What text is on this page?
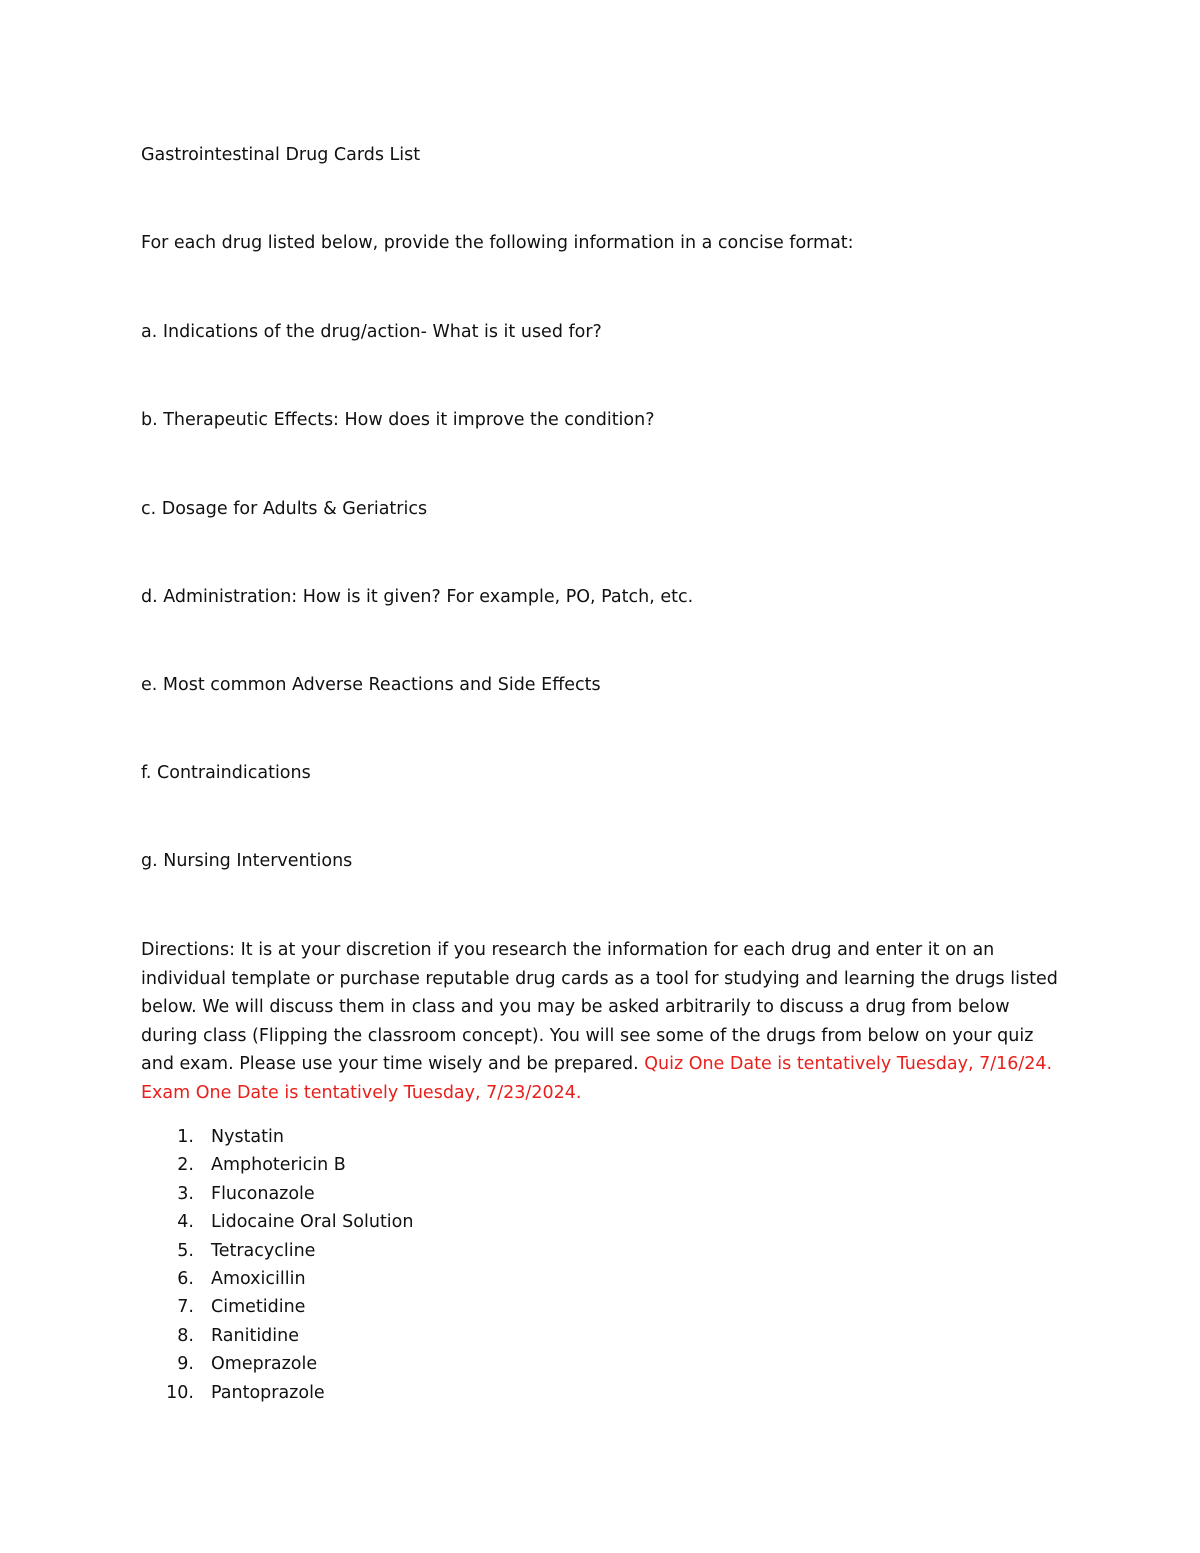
Gastrointestinal Drug Cards List

For each drug listed below, provide the following information in a concise format:

a. Indications of the drug/action- What is it used for?

b. Therapeutic Effects: How does it improve the condition?

c. Dosage for Adults & Geriatrics

d. Administration: How is it given? For example, PO, Patch, etc.

e. Most common Adverse Reactions and Side Effects

f. Contraindications

g. Nursing Interventions

Directions: It is at your discretion if you research the information for each drug and enter it on an individual template or purchase reputable drug cards as a tool for studying and learning the drugs listed below. We will discuss them in class and you may be asked arbitrarily to discuss a drug from below during class (Flipping the classroom concept). You will see some of the drugs from below on your quiz and exam. Please use your time wisely and be prepared. Quiz One Date is tentatively Tuesday, 7/16/24. Exam One Date is tentatively Tuesday, 7/23/2024.

1. Nystatin
2. Amphotericin B
3. Fluconazole
4. Lidocaine Oral Solution
5. Tetracycline
6. Amoxicillin
7. Cimetidine
8. Ranitidine
9. Omeprazole
10. Pantoprazole
